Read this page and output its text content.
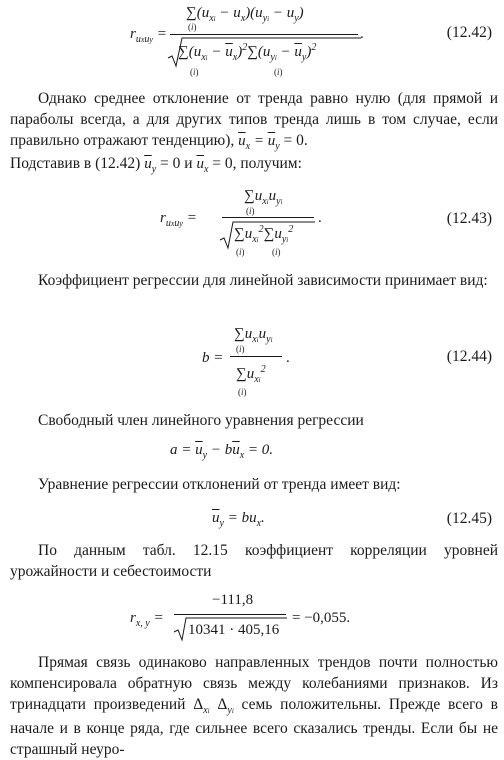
$r_{uxuy}$ =
$\sum(u_{xi} - u_x)(u_{yi} - u_y)$
(i)
$\sum(u_{xi} - \overline{u}_x)^2\sum(u_{yi} - \overline{u}_y)^2$
(i)	(i)
.	(12.42)
Однако среднее отклонение от тренда равно нулю (для прямой и параболы всегда, а для других типов тренда лишь в том случае, если правильно отражают тенденцию), $\overline{u}_x = \overline{u}_y = 0$.
Подставив в (12.42) $\overline{u}_y = 0$ и $\overline{u}_x = 0$, получим:
$r_{uxuy}$ =
$\sum u_{xi}u_{yi}$
(i)
$\sum u_{xi}^2\sum u_{yi}^2$
(i)	(i)
.	(12.43)
Коэффициент регрессии для линейной зависимости принимает вид:
b =
$\sum u_{xi}u_{yi}$
(i)
$\sum u_{xi}^2$
(i)
.	(12.44)
Свободный член линейного уравнения регрессии
$a = \overline{u}_y - b\overline{u}_x = 0$.
Уравнение регрессии отклонений от тренда имеет вид:
$\overline{u}_y = bu_x$.	(12.45)
По данным табл. 12.15 коэффициент корреляции уровней урожайности и себестоимости
$r_{x, y}$ =
−111,8
10341 · 405,16
= −0,055.
Прямая связь одинаково направленных трендов почти полностью компенсировала обратную связь между колебаниями признаков. Из тринадцати произведений $\Delta_{xi}$ $\Delta_{yi}$ семь положительны. Прежде всего в начале и в конце ряда, где сильнее всего сказались тренды. Если бы не страшный неуро-
